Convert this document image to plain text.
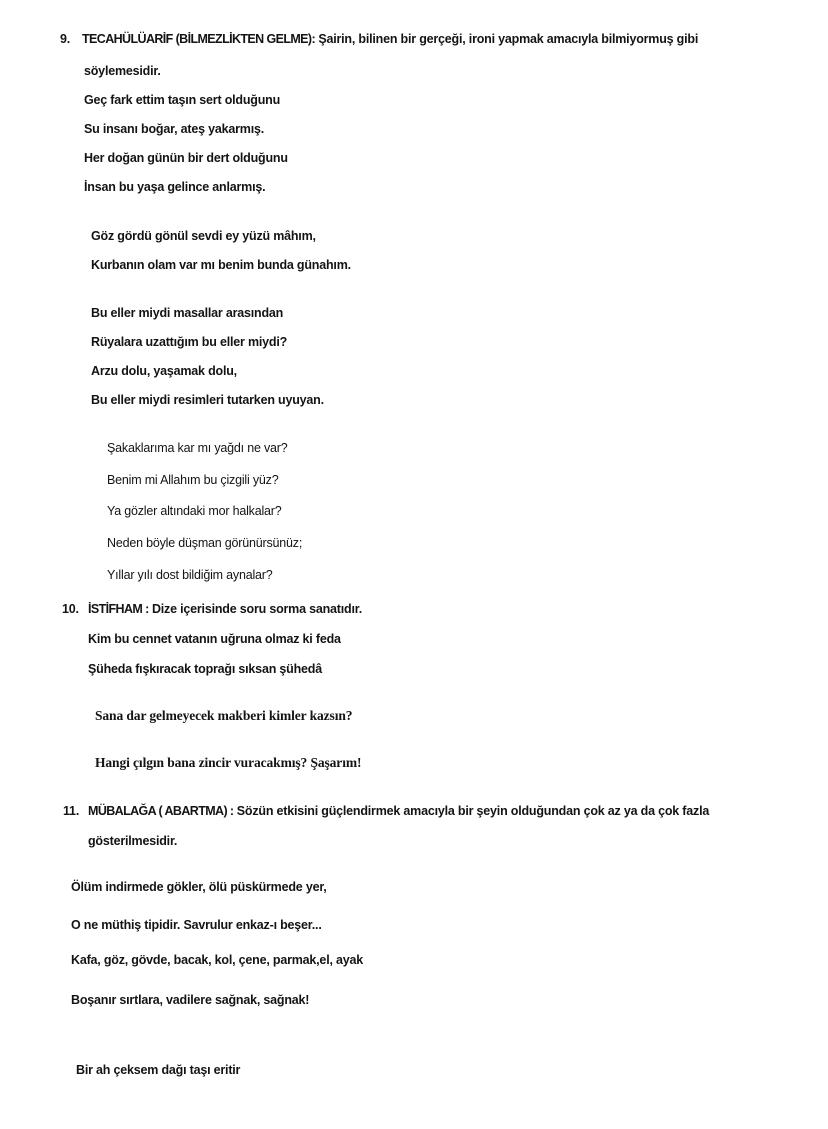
9. TECAHÜLÜARİF (BİLMEZLİKTEN GELME): Şairin, bilinen bir gerçeği, ironi yapmak amacıyla bilmiyormuş gibi
söylemesidir.
Geç fark ettim taşın sert olduğunu
Su insanı boğar, ateş yakarmış.
Her doğan günün bir dert olduğunu
İnsan bu yaşa gelince anlarmış.
Göz gördü gönül sevdi ey yüzü mâhım,
Kurbanın olam var mı benim bunda günahım.
Bu eller miydi masallar arasından
Rüyalara uzattığım bu eller miydi?
Arzu dolu, yaşamak dolu,
Bu eller miydi resimleri tutarken uyuyan.
Şakaklarıma kar mı yağdı ne var?
Benim mi Allahım bu çizgili yüz?
Ya gözler altındaki mor halkalar?
Neden böyle düşman görünürsünüz;
Yıllar yılı dost bildiğim aynalar?
10. İSTİFHAM : Dize içerisinde soru sorma sanatıdır.
Kim bu cennet vatanın uğruna olmaz ki feda
Şüheda fışkıracak toprağı sıksan şühedâ
Sana dar gelmeyecek makberi kimler kazsın?
Hangi çılgın bana zincir vuracakmış? Şaşarım!
11. MÜBALAĞA ( ABARTMA) : Sözün etkisini güçlendirmek amacıyla bir şeyin olduğundan çok az ya da çok fazla
gösterilmesidir.
Ölüm indirmede gökler, ölü püskürmede yer,
O ne müthiş tipidir. Savrulur enkaz-ı beşer...
Kafa, göz, gövde, bacak, kol, çene, parmak,el, ayak
Boşanır sırtlara, vadilere sağnak, sağnak!
Bir ah çeksem dağı taşı eritir
